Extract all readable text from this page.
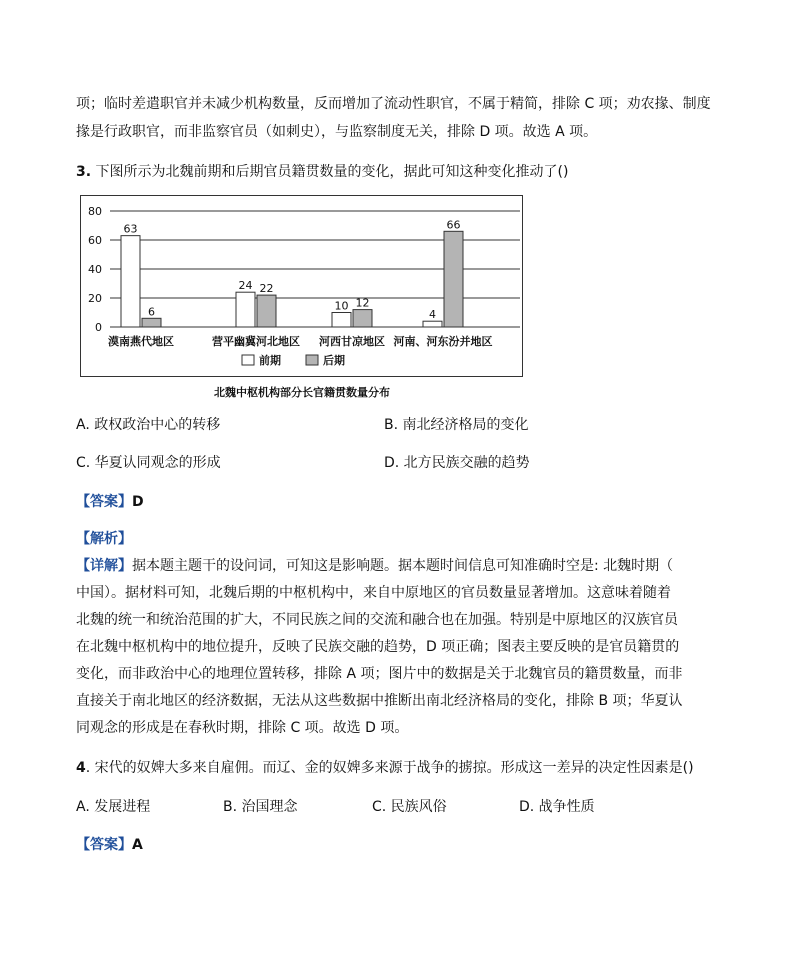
项；临时差遣职官并未减少机构数量，反而增加了流动性职官，不属于精简，排除 C 项；劝农掾、制度
掾是行政职官，而非监察官员（如刺史），与监察制度无关，排除 D 项。故选 A 项。
3. 下图所示为北魏前期和后期官员籍贯数量的变化，据此可知这种变化推动了()
0
20
40
60
80
63
24
10
4
6
22
12
66
漠南燕代地区	营平幽冀河北地区 河西甘凉地区 河南、河东汾并地区
前期	后期
北魏中枢机构部分长官籍贯数量分布
A. 政权政治中心的转移	B. 南北经济格局的变化
C. 华夏认同观念的形成	D. 北方民族交融的趋势
【答案】D
【解析】
【详解】据本题主题干的设问词，可知这是影响题。据本题时间信息可知准确时空是: 北魏时期（
中国）。据材料可知，北魏后期的中枢机构中，来自中原地区的官员数量显著增加。这意味着随着
北魏的统一和统治范围的扩大，不同民族之间的交流和融合也在加强。特别是中原地区的汉族官员
在北魏中枢机构中的地位提升，反映了民族交融的趋势，D 项正确；图表主要反映的是官员籍贯的
变化，而非政治中心的地理位置转移，排除 A 项；图片中的数据是关于北魏官员的籍贯数量，而非
直接关于南北地区的经济数据，无法从这些数据中推断出南北经济格局的变化，排除 B 项；华夏认
同观念的形成是在春秋时期，排除 C 项。故选 D 项。
4. 宋代的奴婢大多来自雇佣。而辽、金的奴婢多来源于战争的掳掠。形成这一差异的决定性因素是()
A. 发展进程	B. 治国理念	C. 民族风俗	D. 战争性质
【答案】A
